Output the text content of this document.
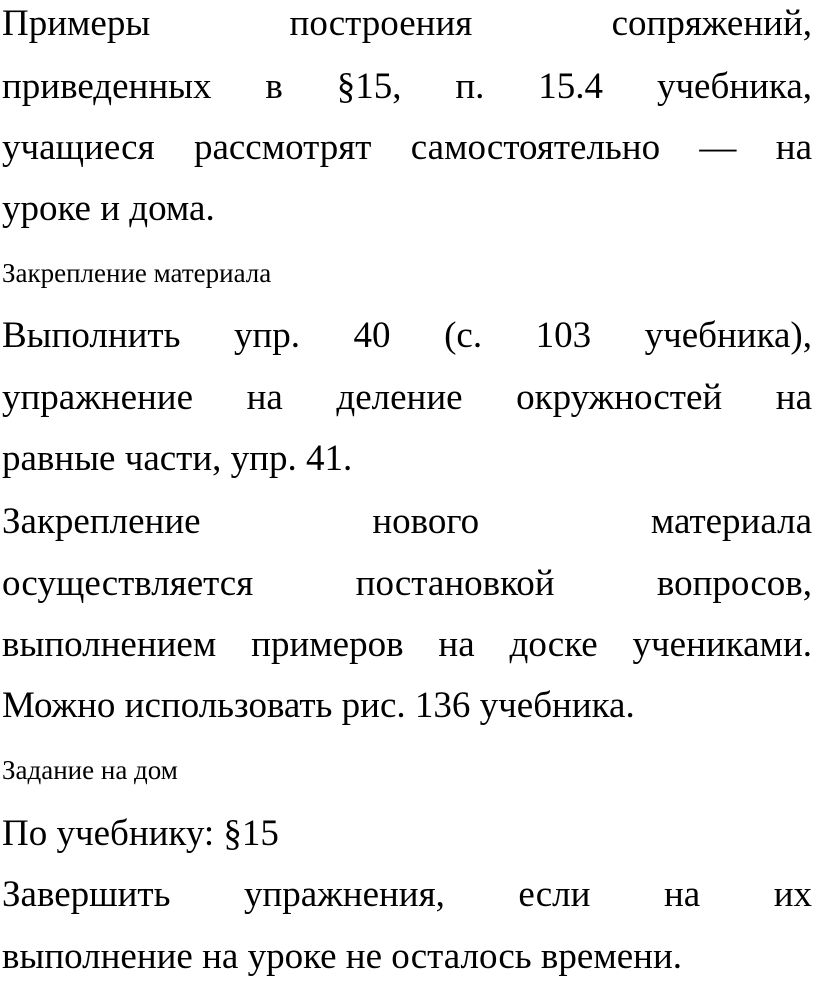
Примеры построения сопряжений,

приведенных в §15, п. 15.4 учебника,

учащиеся рассмотрят самостоятельно — на

уроке и дома.

Закрепление материала

Выполнить упр. 40 (с. 103 учебника),

упражнение на деление окружностей на

равные части, упр. 41.

Закрепление нового материала

осуществляется постановкой вопросов,

выполнением примеров на доске учениками.

Можно использовать рис. 136 учебника.

Задание на дом

По учебнику: §15

Завершить упражнения, если на их

выполнение на уроке не осталось времени.
